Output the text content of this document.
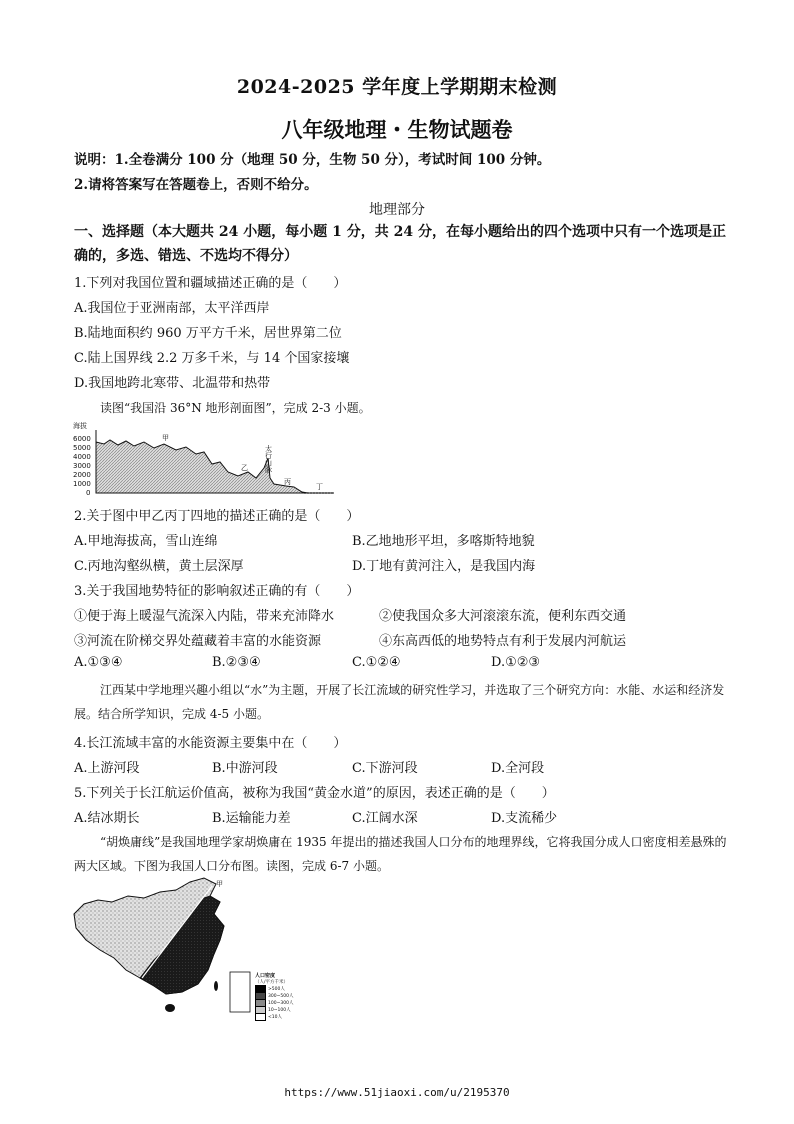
2024-2025 学年度上学期期末检测
八年级地理・生物试题卷
说明：1.全卷满分 100 分（地理 50 分，生物 50 分），考试时间 100 分钟。
2.请将答案写在答题卷上，否则不给分。
地理部分
一、选择题（本大题共 24 小题，每小题 1 分，共 24 分，在每小题给出的四个选项中只有一个选项是正确的，多选、错选、不选均不得分）
1.下列对我国位置和疆域描述正确的是（　　）
A.我国位于亚洲南部，太平洋西岸
B.陆地面积约 960 万平方千米，居世界第二位
C.陆上国界线 2.2 万多千米，与 14 个国家接壤
D.我国地跨北寒带、北温带和热带
读图“我国沿 36°N 地形剖面图”，完成 2-3 小题。
海拔
6000
5000
4000
3000
2000
1000
0
甲
乙
太行山脉
丙
丁
2.关于图中甲乙丙丁四地的描述正确的是（　　）
A.甲地海拔高，雪山连绵	B.乙地地形平坦，多喀斯特地貌
C.丙地沟壑纵横，黄土层深厚	D.丁地有黄河注入，是我国内海
3.关于我国地势特征的影响叙述正确的有（　　）
①便于海上暖湿气流深入内陆，带来充沛降水	②使我国众多大河滚滚东流，便利东西交通
③河流在阶梯交界处蕴藏着丰富的水能资源	④东高西低的地势特点有利于发展内河航运
A.①③④	B.②③④	C.①②④	D.①②③
江西某中学地理兴趣小组以“水”为主题，开展了长江流域的研究性学习，并选取了三个研究方向：水能、水运和经济发展。结合所学知识，完成 4-5 小题。
4.长江流域丰富的水能资源主要集中在（　　）
A.上游河段	B.中游河段	C.下游河段	D.全河段
5.下列关于长江航运价值高，被称为我国“黄金水道”的原因，表述正确的是（　　）
A.结冰期长	B.运输能力差	C.江阔水深	D.支流稀少
“胡焕庸线”是我国地理学家胡焕庸在 1935 年提出的描述我国人口分布的地理界线，它将我国分成人口密度相差悬殊的两大区域。下图为我国人口分布图。读图，完成 6-7 小题。
甲
人口密度
（人/平方千米）
>500人
300~500人
100~300人
10~100人
<10人
https://www.51jiaoxi.com/u/2195370
